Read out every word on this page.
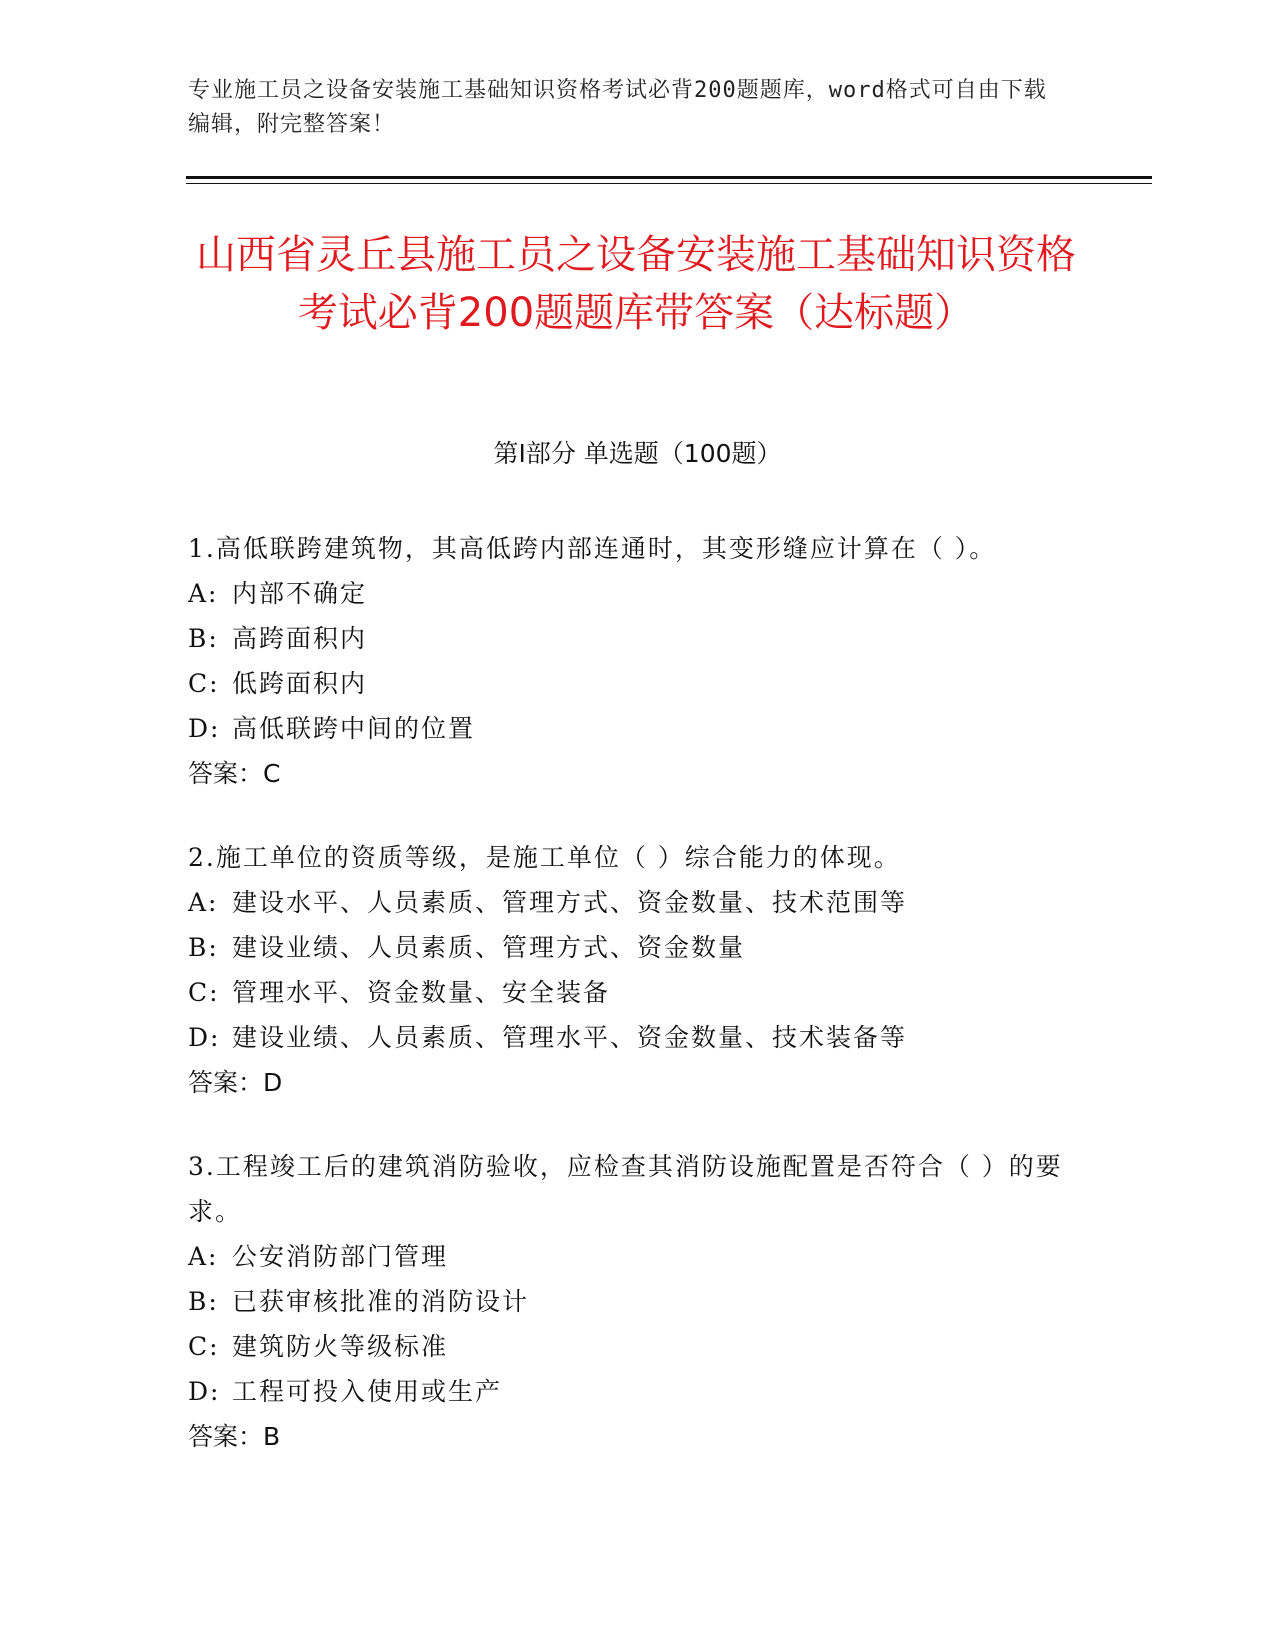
专业施工员之设备安装施工基础知识资格考试必背200题题库，word格式可自由下载编辑，附完整答案！
山西省灵丘县施工员之设备安装施工基础知识资格考试必背200题题库带答案（达标题）
第I部分 单选题（100题）
1.高低联跨建筑物，其高低跨内部连通时，其变形缝应计算在（ ）。
A: 内部不确定
B: 高跨面积内
C: 低跨面积内
D: 高低联跨中间的位置
答案：C
2.施工单位的资质等级，是施工单位（ ）综合能力的体现。
A: 建设水平、人员素质、管理方式、资金数量、技术范围等
B: 建设业绩、人员素质、管理方式、资金数量
C: 管理水平、资金数量、安全装备
D: 建设业绩、人员素质、管理水平、资金数量、技术装备等
答案：D
3.工程竣工后的建筑消防验收，应检查其消防设施配置是否符合（ ）的要求。
A: 公安消防部门管理
B: 已获审核批准的消防设计
C: 建筑防火等级标准
D: 工程可投入使用或生产
答案：B
